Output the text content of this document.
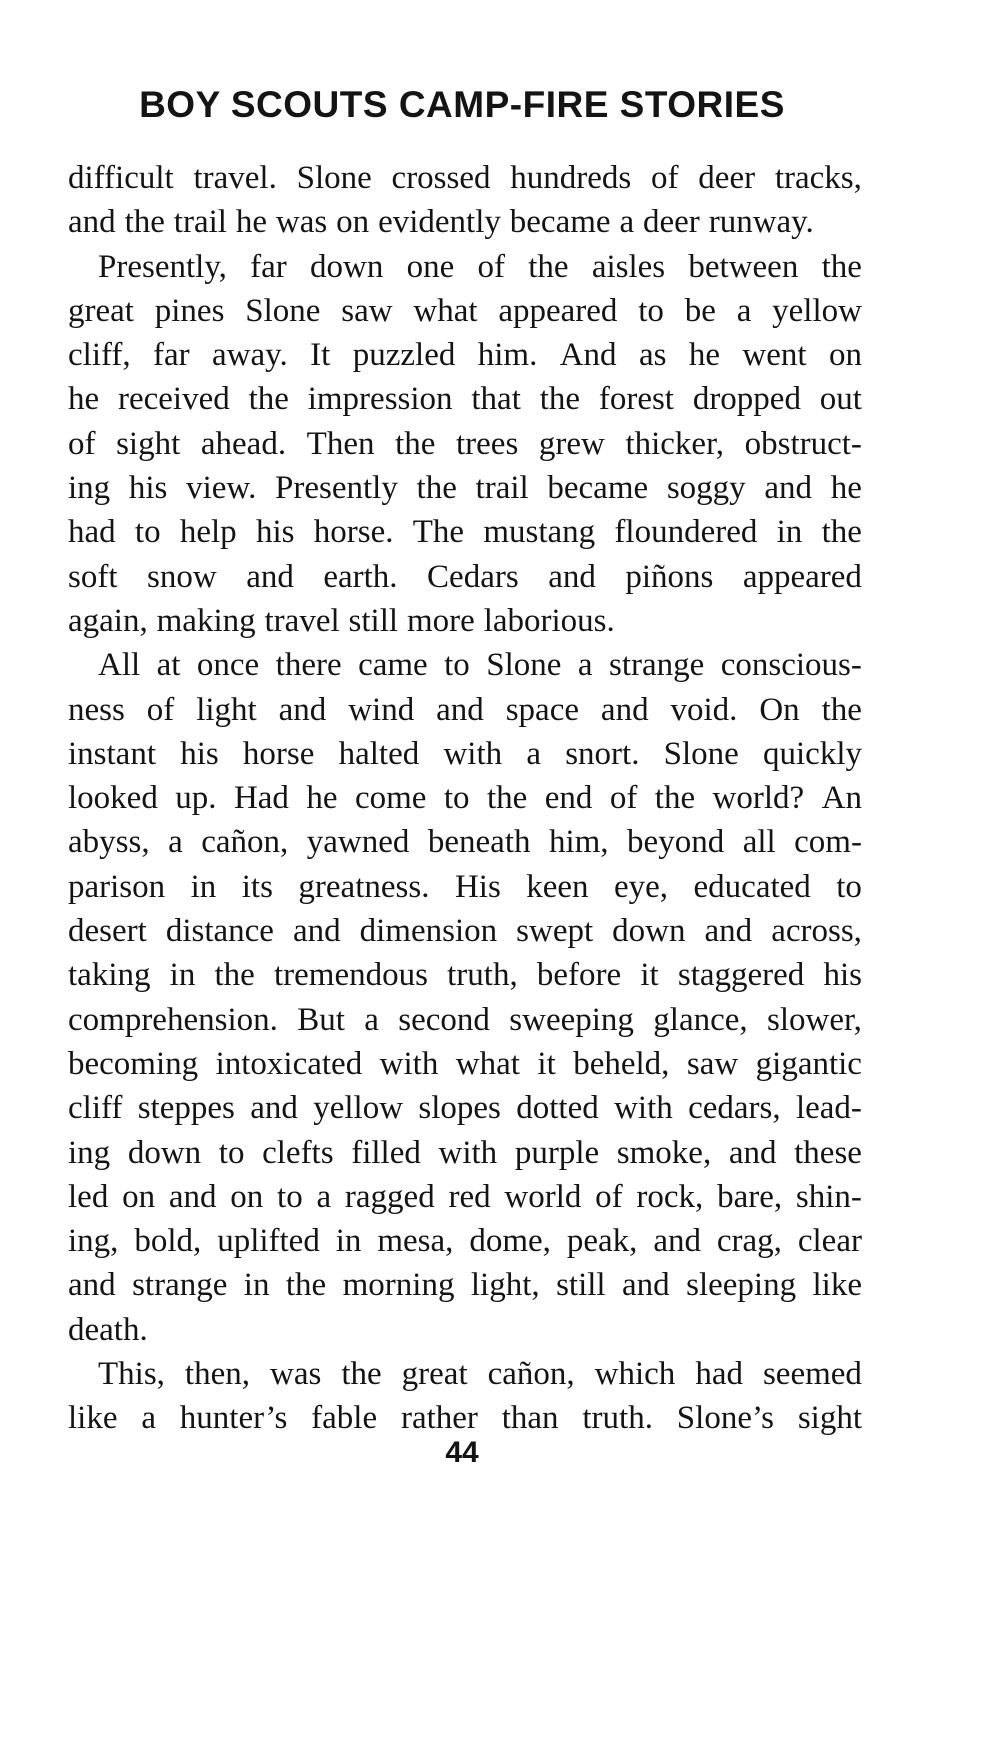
BOY SCOUTS CAMP-FIRE STORIES
difficult travel. Slone crossed hundreds of deer tracks,
and the trail he was on evidently became a deer runway.
Presently, far down one of the aisles between the
great pines Slone saw what appeared to be a yellow
cliff, far away. It puzzled him. And as he went on
he received the impression that the forest dropped out
of sight ahead. Then the trees grew thicker, obstruct-
ing his view. Presently the trail became soggy and he
had to help his horse. The mustang floundered in the
soft snow and earth. Cedars and piñons appeared
again, making travel still more laborious.
All at once there came to Slone a strange conscious-
ness of light and wind and space and void. On the
instant his horse halted with a snort. Slone quickly
looked up. Had he come to the end of the world? An
abyss, a cañon, yawned beneath him, beyond all com-
parison in its greatness. His keen eye, educated to
desert distance and dimension swept down and across,
taking in the tremendous truth, before it staggered his
comprehension. But a second sweeping glance, slower,
becoming intoxicated with what it beheld, saw gigantic
cliff steppes and yellow slopes dotted with cedars, lead-
ing down to clefts filled with purple smoke, and these
led on and on to a ragged red world of rock, bare, shin-
ing, bold, uplifted in mesa, dome, peak, and crag, clear
and strange in the morning light, still and sleeping like
death.
This, then, was the great cañon, which had seemed
like a hunter’s fable rather than truth. Slone’s sight
44
